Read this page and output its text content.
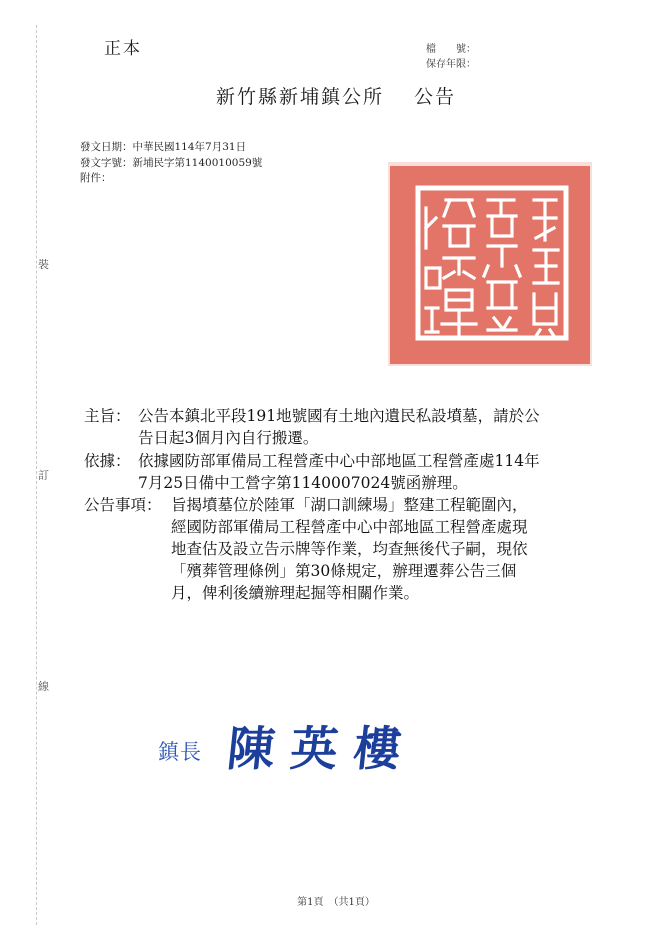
正本	檔　　號：
保存年限：
新竹縣新埔鎮公所 公告
發文日期：中華民國114年7月31日
發文字號：新埔民字第1140010059號
附件：
裝
訂
線
主旨： 公告本鎮北平段191地號國有土地內遺民私設墳墓，請於公
告日起3個月內自行搬遷。
依據： 依據國防部軍備局工程營產中心中部地區工程營產處114年
7月25日備中工營字第1140007024號函辦理。
公告事項： 旨揭墳墓位於陸軍「湖口訓練場」整建工程範圍內，
經國防部軍備局工程營產中心中部地區工程營產處現
地查估及設立告示牌等作業，均查無後代子嗣，現依
「殯葬管理條例」第30條規定，辦理遷葬公告三個
月，俾利後續辦理起掘等相關作業。
鎮長 陳英樓
第1頁　（共1頁）
